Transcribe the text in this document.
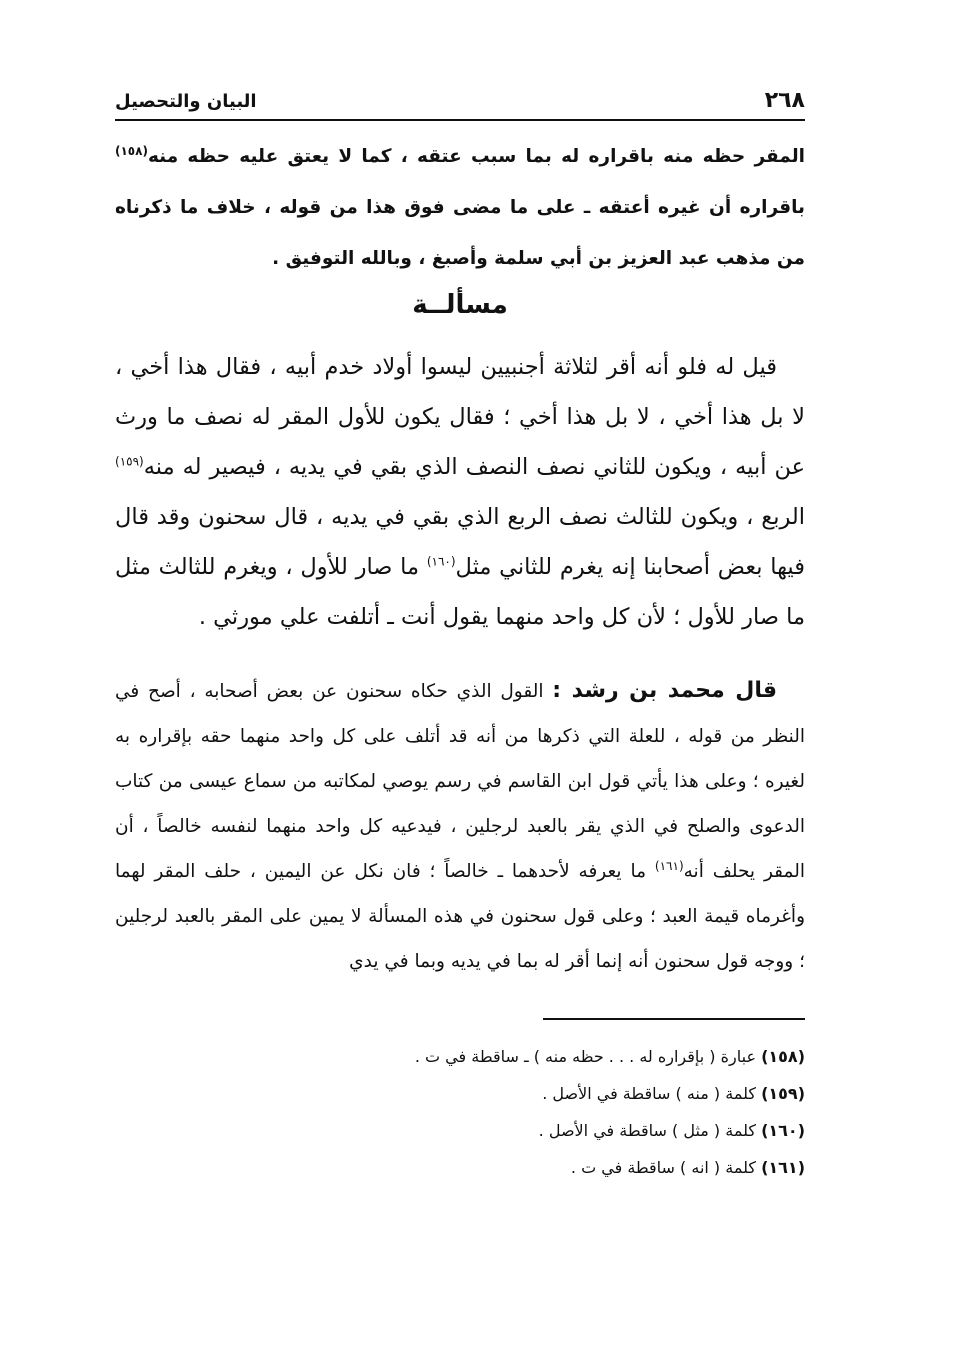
٢٦٨
البيان والتحصيل

المقر حظه منه باقراره له بما سبب عتقه ، كما لا يعتق عليه حظه منه$^{(١٥٨)}$ باقراره أن غيره أعتقه ـ على ما مضى فوق هذا من قوله ، خلاف ما ذكرناه من مذهب عبد العزيز بن أبي سلمة وأصبغ ، وبالله التوفيق .

مسألــة

قيل له فلو أنه أقر لثلاثة أجنبيين ليسوا أولاد خدم أبيه ، فقال هذا أخي ، لا بل هذا أخي ، لا بل هذا أخي ؛ فقال يكون للأول المقر له نصف ما ورث عن أبيه ، ويكون للثاني نصف النصف الذي بقي في يديه ، فيصير له منه$^{(١٥٩)}$ الربع ، ويكون للثالث نصف الربع الذي بقي في يديه ، قال سحنون وقد قال فيها بعض أصحابنا إنه يغرم للثاني مثل$^{(١٦٠)}$ ما صار للأول ، ويغرم للثالث مثل ما صار للأول ؛ لأن كل واحد منهما يقول أنت ـ أتلفت علي مورثي .

قال محمد بن رشد : القول الذي حكاه سحنون عن بعض أصحابه ، أصح في النظر من قوله ، للعلة التي ذكرها من أنه قد أتلف على كل واحد منهما حقه بإقراره به لغيره ؛ وعلى هذا يأتي قول ابن القاسم في رسم يوصي لمكاتبه من سماع عيسى من كتاب الدعوى والصلح في الذي يقر بالعبد لرجلين ، فيدعيه كل واحد منهما لنفسه خالصاً ، أن المقر يحلف أنه$^{(١٦١)}$ ما يعرفه لأحدهما ـ خالصاً ؛ فان نكل عن اليمين ، حلف المقر لهما وأغرماه قيمة العبد ؛ وعلى قول سحنون في هذه المسألة لا يمين على المقر بالعبد لرجلين ؛ ووجه قول سحنون أنه إنما أقر له بما في يديه وبما في يدي

(١٥٨) عبارة ( بإقراره له . . . حظه منه ) ـ ساقطة في ت .
(١٥٩) كلمة ( منه ) ساقطة في الأصل .
(١٦٠) كلمة ( مثل ) ساقطة في الأصل .
(١٦١) كلمة ( انه ) ساقطة في ت .
